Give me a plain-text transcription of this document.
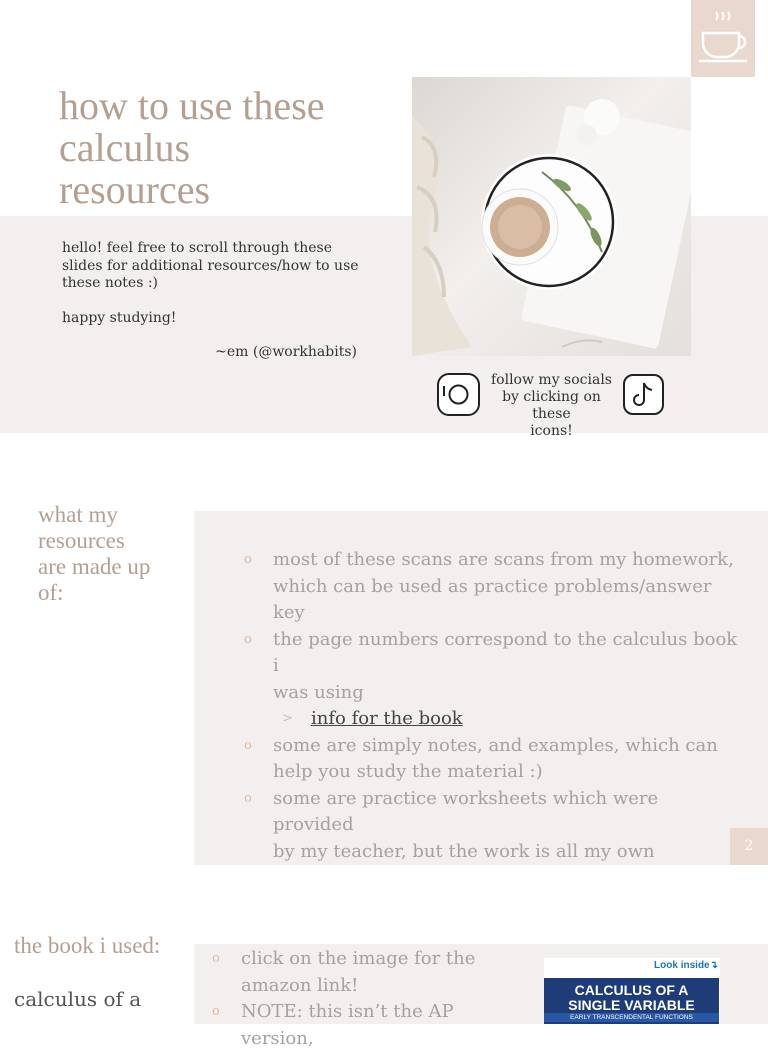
how to use these
calculus
resources
hello! feel free to scroll through these
slides for additional resources/how to use
these notes :)
happy studying!
~em (@workhabits)
follow my socials
by clicking on these
icons!
what my
resources
are made up
of:
o most of these scans are scans from my homework,
which can be used as practice problems/answer key
o the page numbers correspond to the calculus book i
was using
> info for the book
o some are simply notes, and examples, which can
help you study the material :)
o some are practice worksheets which were provided
by my teacher, but the work is all my own	2
the book i used:
calculus of a
o click on the image for the
amazon link!
o NOTE: this isn’t the AP version,
Look inside↴
CALCULUS OF A
SINGLE VARIABLE
EARLY TRANSCENDENTAL FUNCTIONS
